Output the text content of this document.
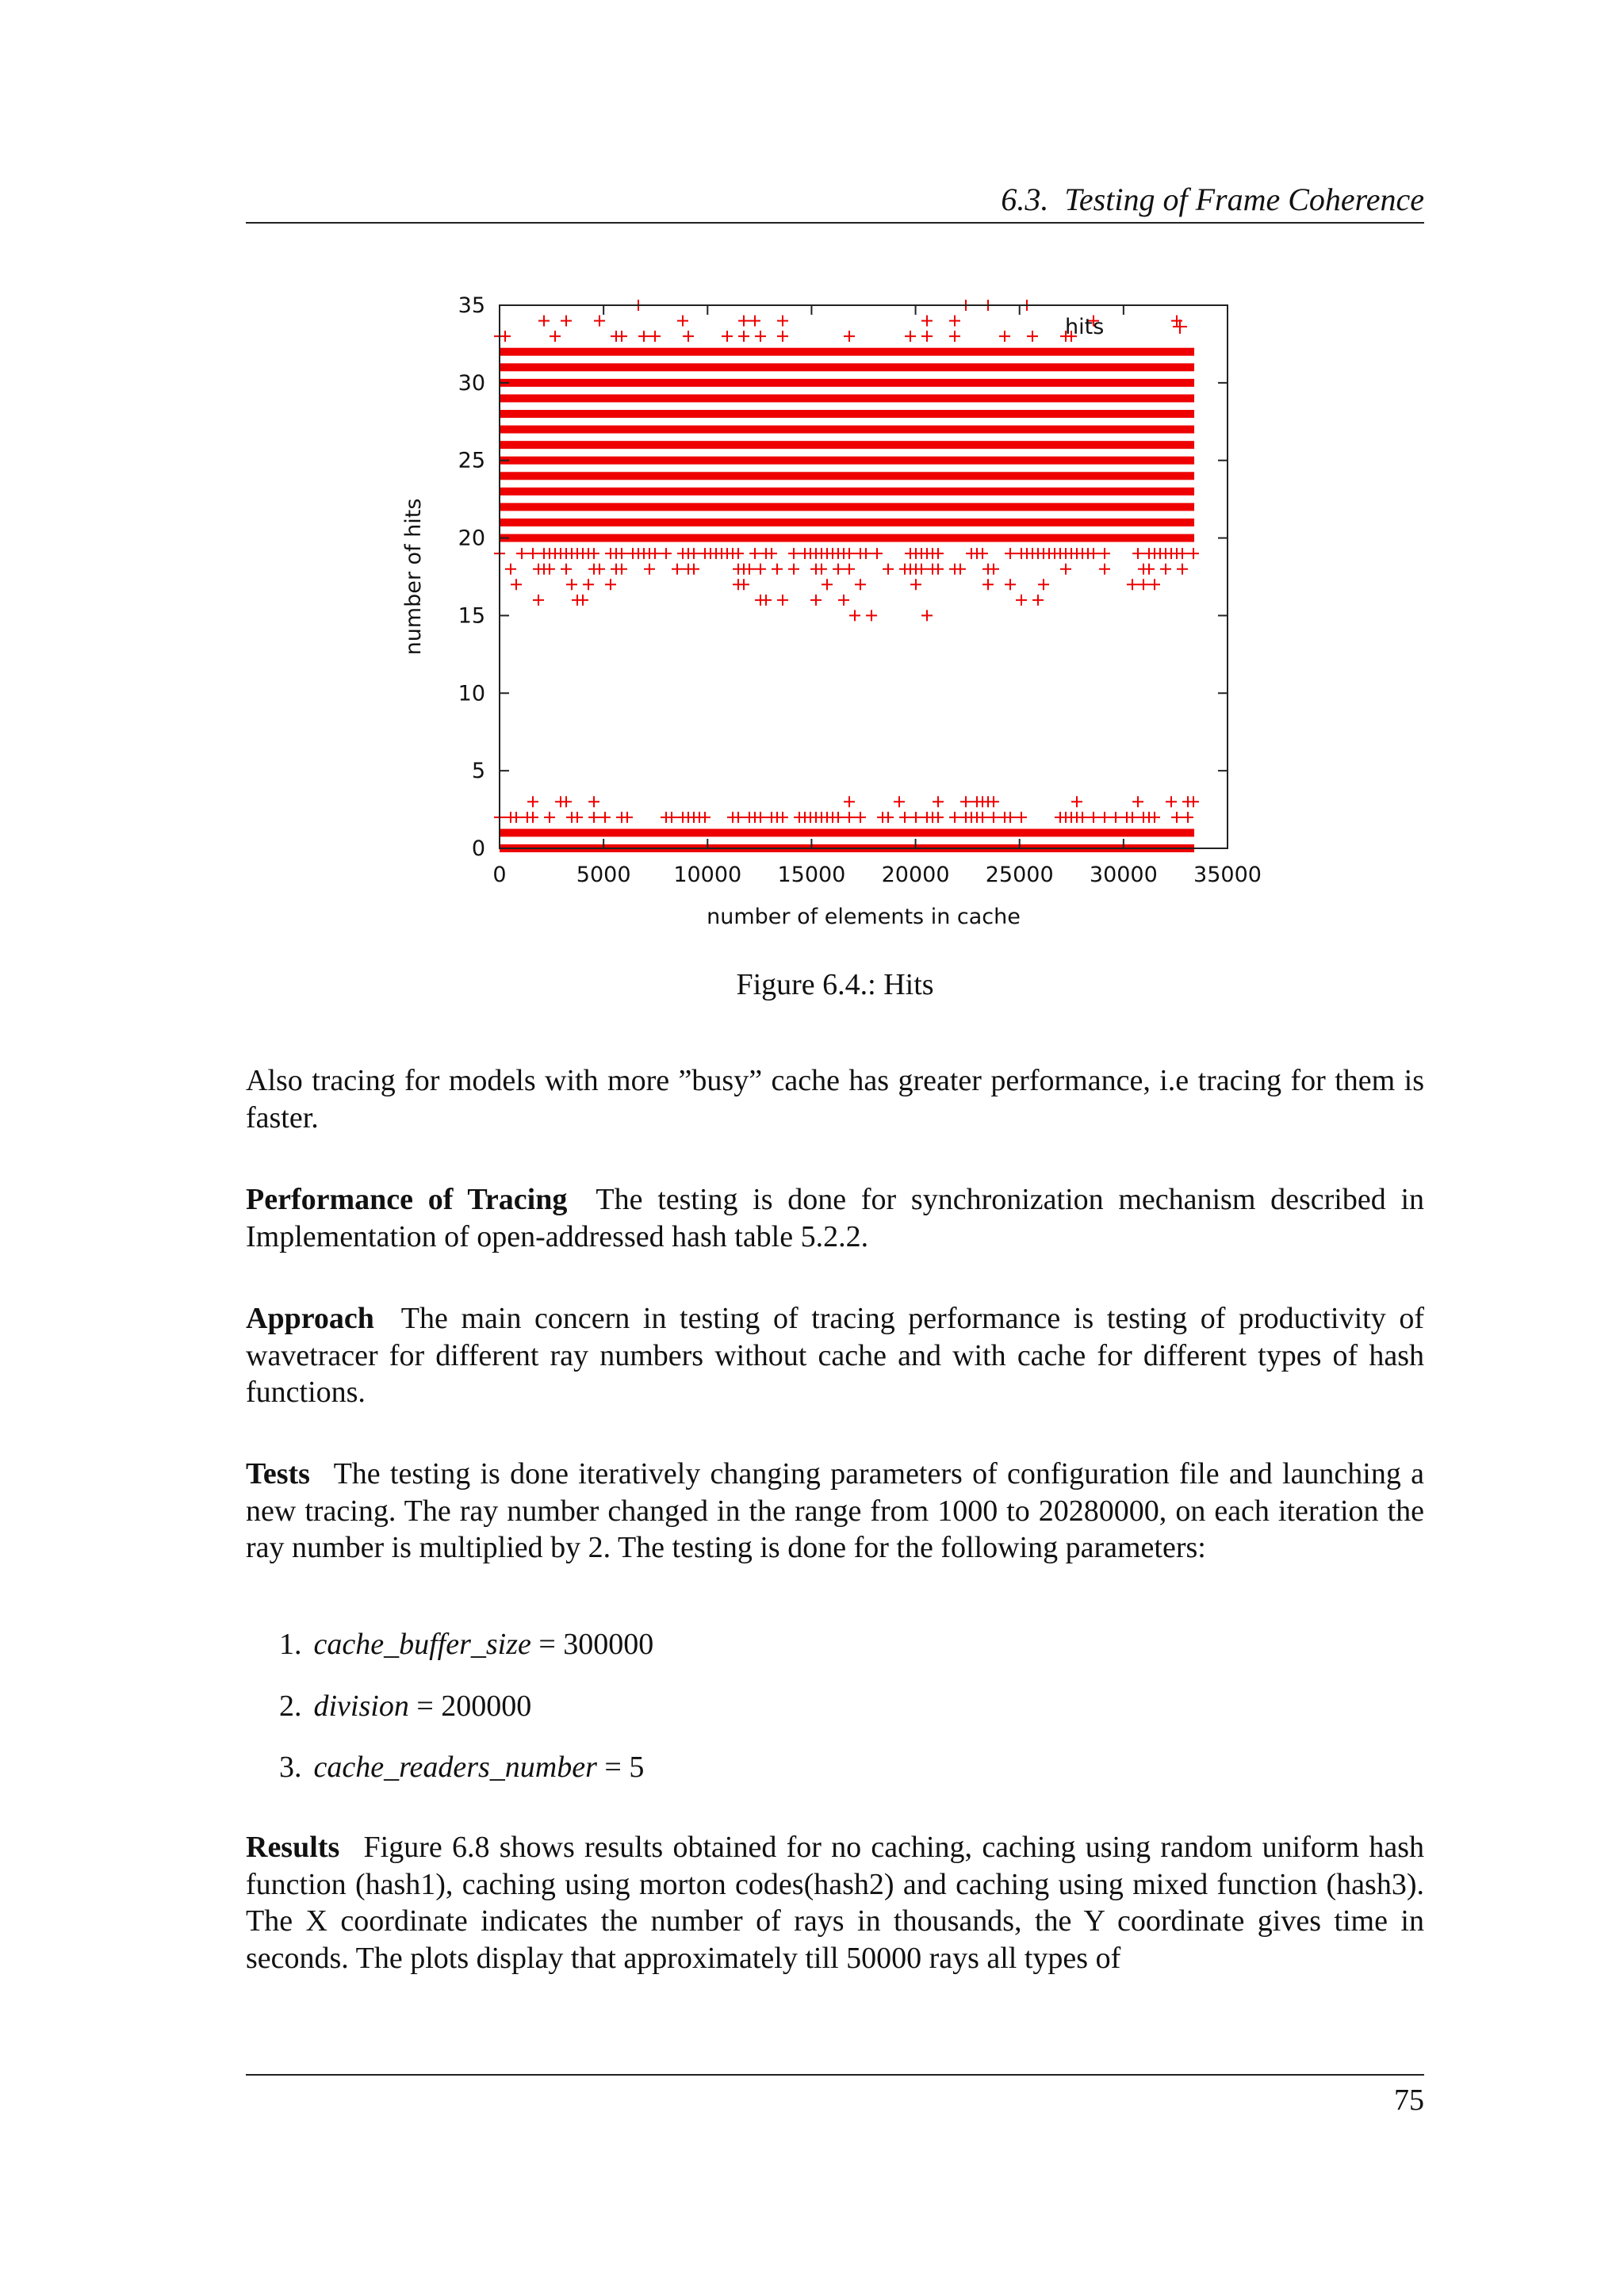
6.3. Testing of Frame Coherence
0
5
10
15
20
25
30
35
0	5000 10000 15000 20000 25000 30000 35000
number of elements in cache
number of hits
hits
Figure 6.4.: Hits

Also tracing for models with more ”busy” cache has greater performance, i.e tracing for them is faster.

Performance of Tracing The testing is done for synchronization mechanism described in Implementation of open-addressed hash table 5.2.2.

Approach The main concern in testing of tracing performance is testing of productivity of wavetracer for different ray numbers without cache and with cache for different types of hash functions.

Tests The testing is done iteratively changing parameters of configuration file and launching a new tracing. The ray number changed in the range from 1000 to 20280000, on each iteration the ray number is multiplied by 2. The testing is done for the following parameters:

1. cache_buffer_size = 300000
2. division = 200000
3. cache_readers_number = 5

Results Figure 6.8 shows results obtained for no caching, caching using random uniform hash function (hash1), caching using morton codes(hash2) and caching using mixed function (hash3). The X coordinate indicates the number of rays in thousands, the Y coordinate gives time in seconds. The plots display that approximately till 50000 rays all types of

75
